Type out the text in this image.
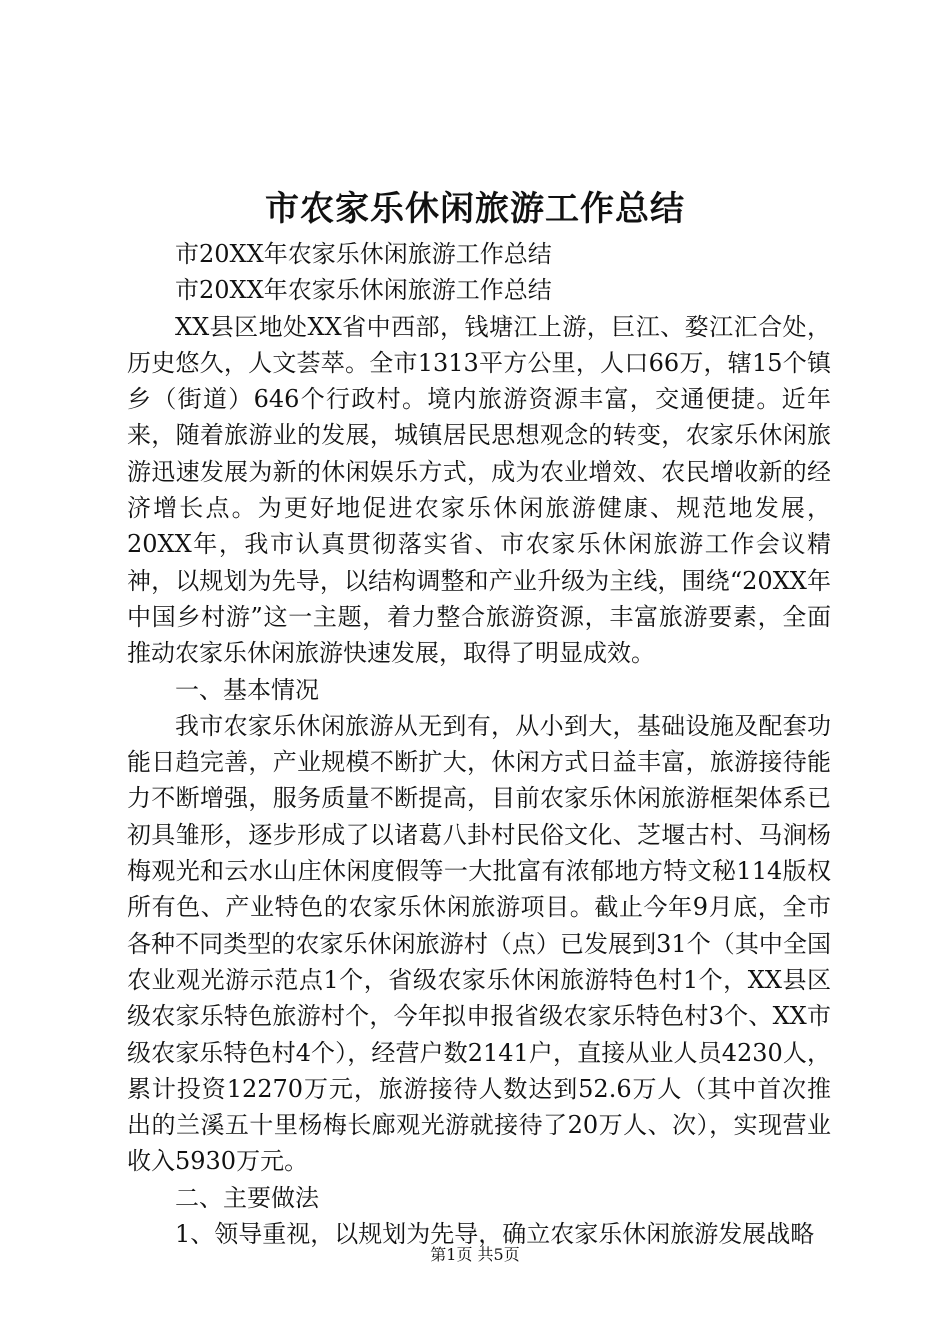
市农家乐休闲旅游工作总结

市20XX年农家乐休闲旅游工作总结

市20XX年农家乐休闲旅游工作总结

XX县区地处XX省中西部，钱塘江上游，巨江、婺江汇合处，历史悠久，人文荟萃。全市1313平方公里，人口66万，辖15个镇乡（街道）646个行政村。境内旅游资源丰富，交通便捷。近年来，随着旅游业的发展，城镇居民思想观念的转变，农家乐休闲旅游迅速发展为新的休闲娱乐方式，成为农业增效、农民增收新的经济增长点。为更好地促进农家乐休闲旅游健康、规范地发展，20XX年，我市认真贯彻落实省、市农家乐休闲旅游工作会议精神，以规划为先导，以结构调整和产业升级为主线，围绕“20XX年中国乡村游”这一主题，着力整合旅游资源，丰富旅游要素，全面推动农家乐休闲旅游快速发展，取得了明显成效。

一、基本情况

我市农家乐休闲旅游从无到有，从小到大，基础设施及配套功能日趋完善，产业规模不断扩大，休闲方式日益丰富，旅游接待能力不断增强，服务质量不断提高，目前农家乐休闲旅游框架体系已初具雏形，逐步形成了以诸葛八卦村民俗文化、芝堰古村、马涧杨梅观光和云水山庄休闲度假等一大批富有浓郁地方特文秘114版权所有色、产业特色的农家乐休闲旅游项目。截止今年9月底，全市各种不同类型的农家乐休闲旅游村（点）已发展到31个（其中全国农业观光游示范点1个，省级农家乐休闲旅游特色村1个，XX县区级农家乐特色旅游村个，今年拟申报省级农家乐特色村3个、XX市级农家乐特色村4个），经营户数2141户，直接从业人员4230人，累计投资12270万元，旅游接待人数达到52.6万人（其中首次推出的兰溪五十里杨梅长廊观光游就接待了20万人、次），实现营业收入5930万元。

二、主要做法

1、领导重视，以规划为先导，确立农家乐休闲旅游发展战略

第1页 共5页
